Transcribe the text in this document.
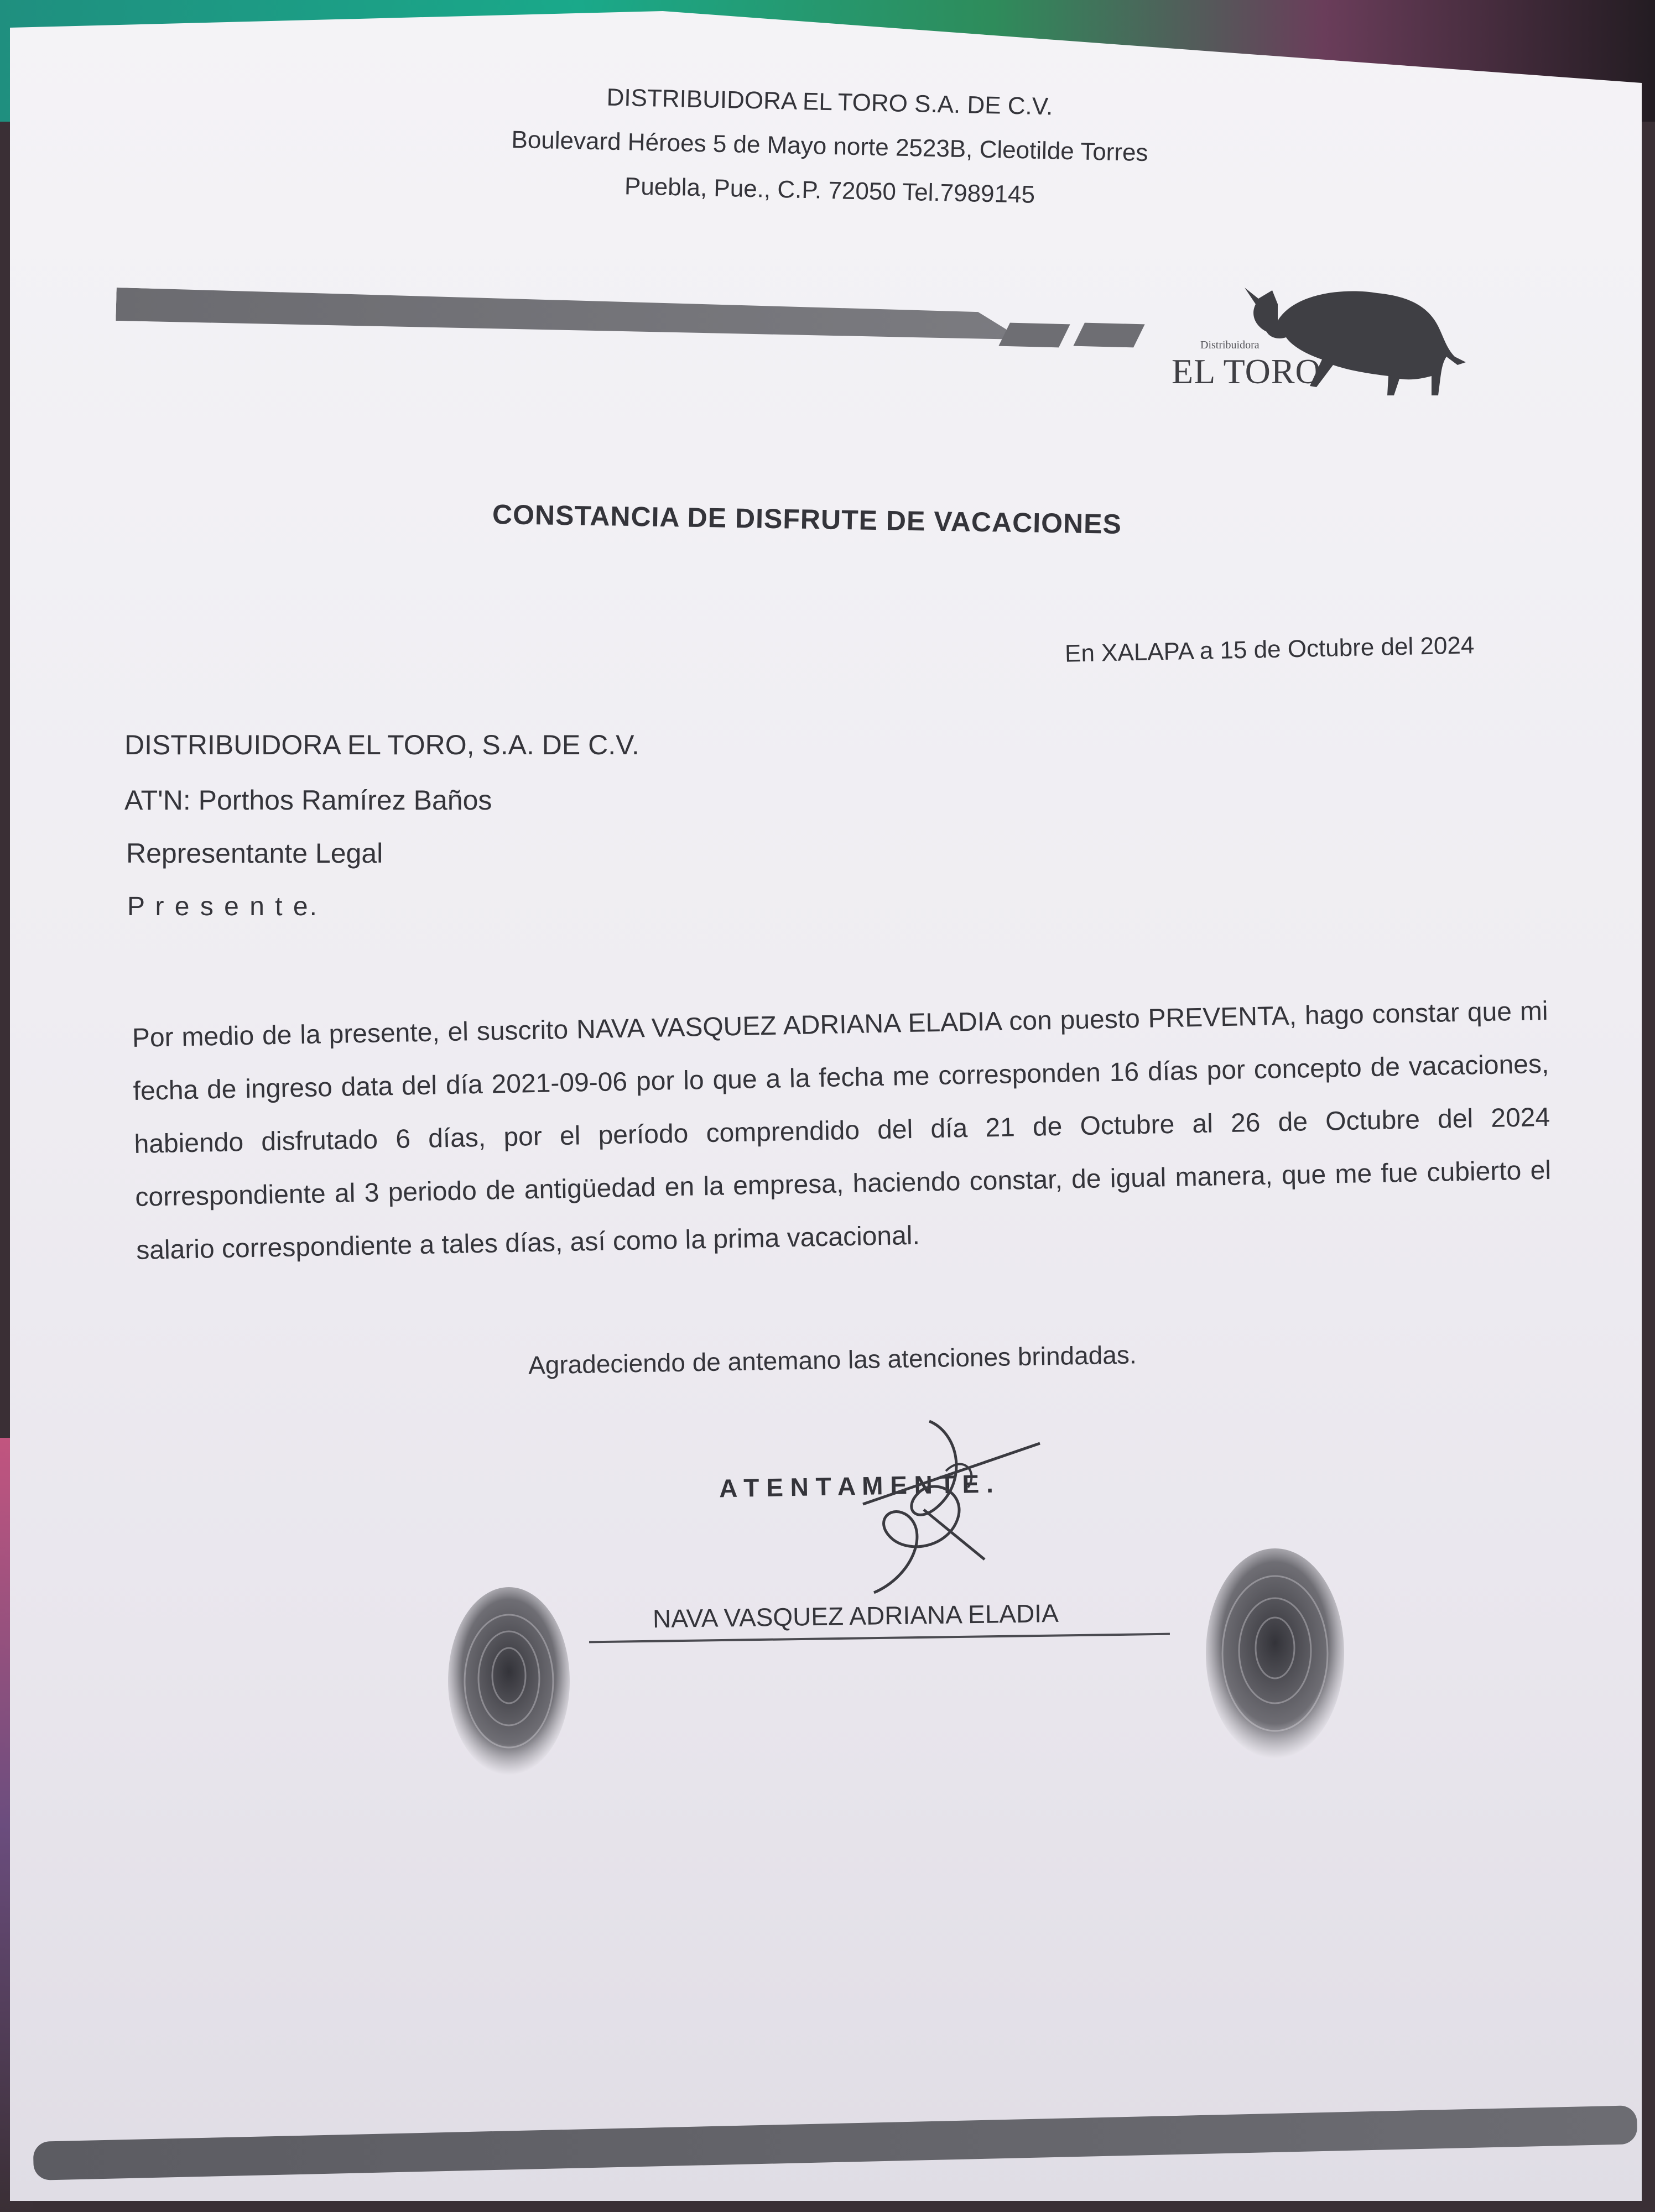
DISTRIBUIDORA EL TORO S.A. DE C.V.
Boulevard Héroes 5 de Mayo norte 2523B, Cleotilde Torres
Puebla, Pue., C.P. 72050 Tel.7989145
Distribuidora
EL TORO
CONSTANCIA DE DISFRUTE DE VACACIONES
En XALAPA a 15 de Octubre del 2024
DISTRIBUIDORA EL TORO, S.A. DE C.V.
AT'N: Porthos Ramírez Baños
Representante Legal
P r e s e n t e.

Por medio de la presente, el suscrito NAVA VASQUEZ ADRIANA ELADIA con puesto PREVENTA, hago constar que mi fecha de ingreso data del día 2021-09-06 por lo que a la fecha me corresponden 16 días por concepto de vacaciones, habiendo disfrutado 6 días, por el período comprendido del día 21 de Octubre al 26 de Octubre del 2024 correspondiente al 3 periodo de antigüedad en la empresa, haciendo constar, de igual manera, que me fue cubierto el salario correspondiente a tales días, así como la prima vacacional.

Agradeciendo de antemano las atenciones brindadas.
A T E N T A M E N T E .
NAVA VASQUEZ ADRIANA ELADIA
